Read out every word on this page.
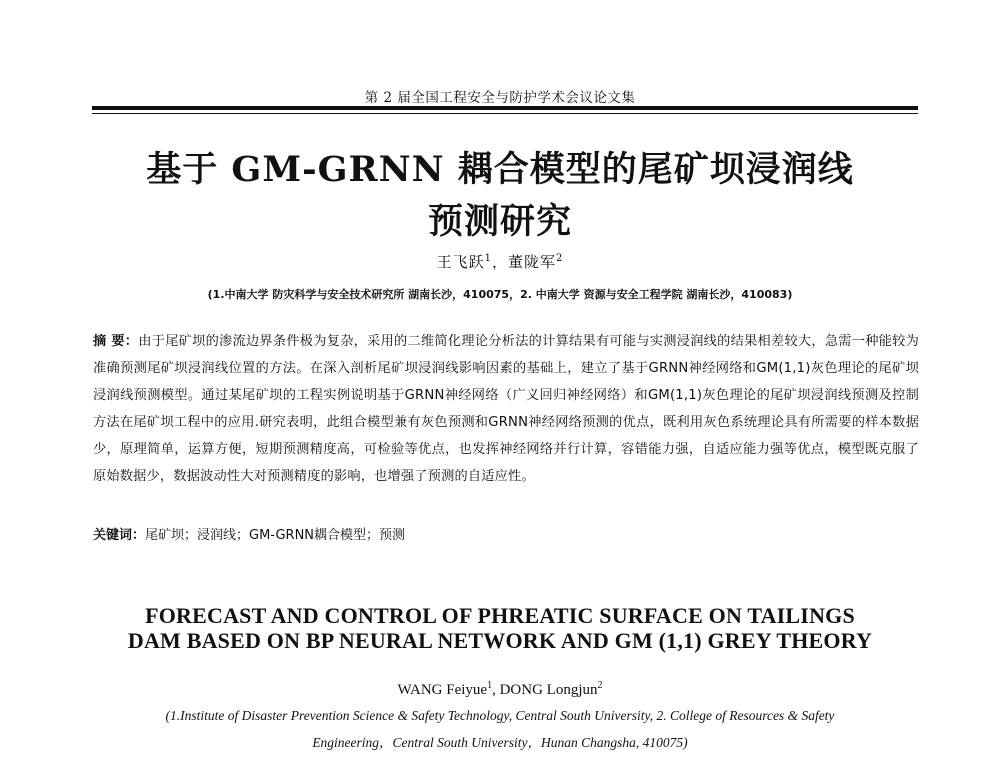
第 2 届全国工程安全与防护学术会议论文集
基于 GM-GRNN 耦合模型的尾矿坝浸润线
预测研究
王飞跃$^1$，董陇军$^2$
(1.中南大学 防灾科学与安全技术研究所 湖南长沙，410075，2. 中南大学 资源与安全工程学院 湖南长沙，410083)

摘 要：由于尾矿坝的渗流边界条件极为复杂，采用的二维简化理论分析法的计算结果有可能与实测浸润线的结果相差较大，急需一种能较为准确预测尾矿坝浸润线位置的方法。在深入剖析尾矿坝浸润线影响因素的基础上，建立了基于GRNN神经网络和GM(1,1)灰色理论的尾矿坝浸润线预测模型。通过某尾矿坝的工程实例说明基于GRNN神经网络（广义回归神经网络）和GM(1,1)灰色理论的尾矿坝浸润线预测及控制方法在尾矿坝工程中的应用.研究表明，此组合模型兼有灰色预测和GRNN神经网络预测的优点，既利用灰色系统理论具有所需要的样本数据少，原理简单，运算方便，短期预测精度高，可检验等优点，也发挥神经网络并行计算，容错能力强，自适应能力强等优点，模型既克服了原始数据少，数据波动性大对预测精度的影响，也增强了预测的自适应性。

关键词：尾矿坝；浸润线；GM-GRNN耦合模型；预测
FORECAST AND CONTROL OF PHREATIC SURFACE ON TAILINGS
DAM BASED ON BP NEURAL NETWORK AND GM (1,1) GREY THEORY
WANG Feiyue$^1$, DONG Longjun$^2$
(1.Institute of Disaster Prevention Science & Safety Technology, Central South University, 2. College of Resources & Safety
Engineering，Central South University，Hunan Changsha, 410075)
